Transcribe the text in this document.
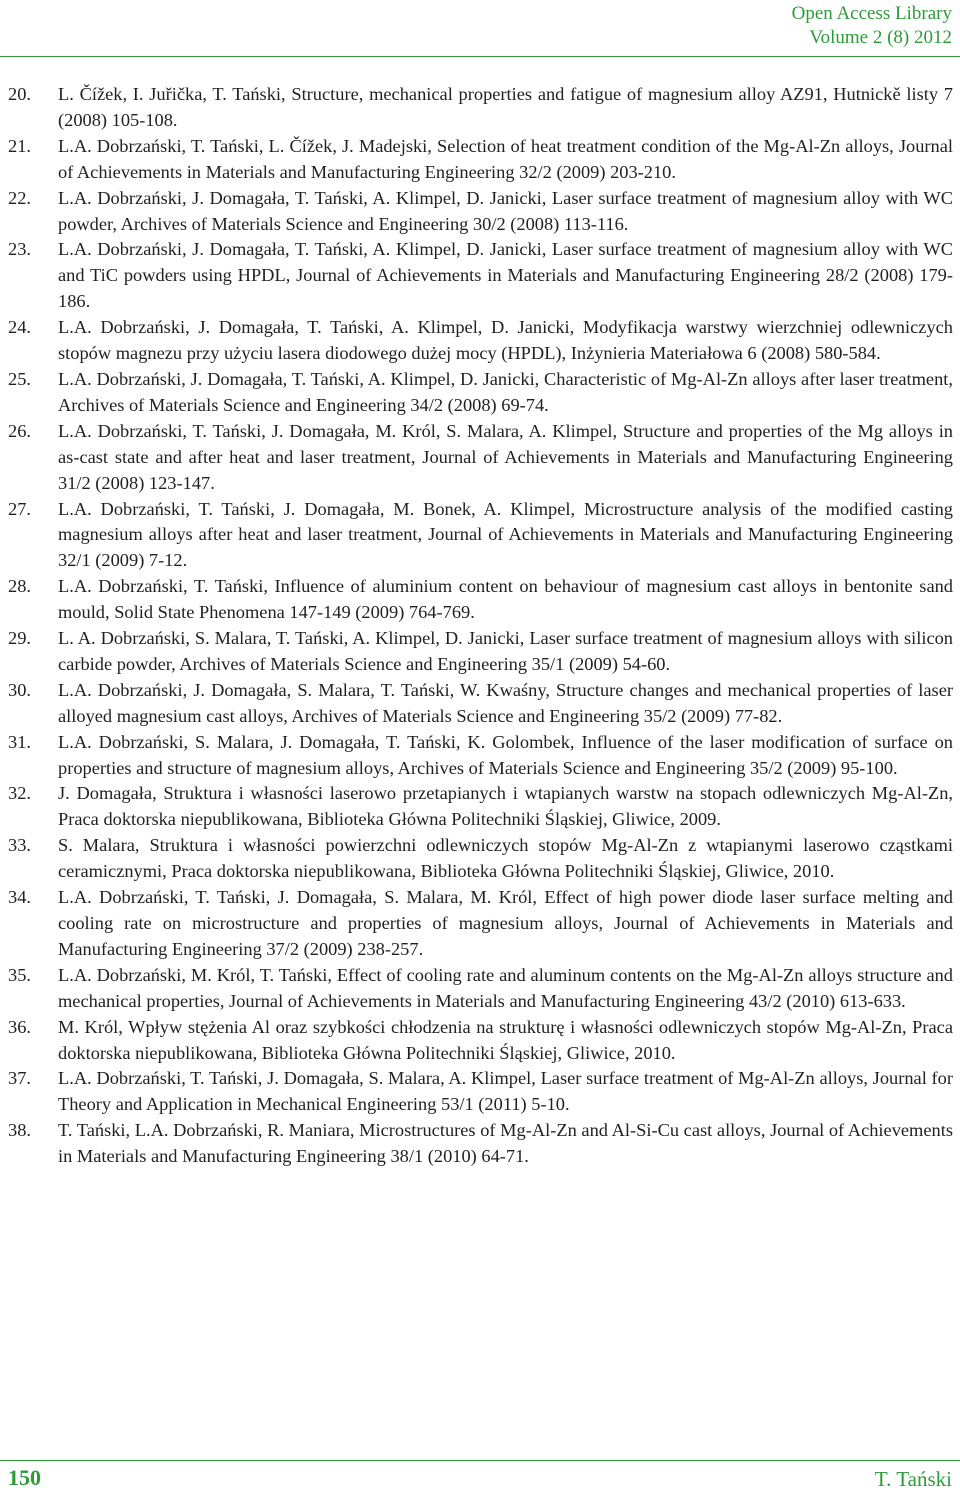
Open Access Library
Volume 2 (8) 2012
20.	L. Čížek, I. Juřička, T. Tański, Structure, mechanical properties and fatigue of magnesium alloy AZ91, Hutnickě listy 7 (2008) 105-108.
21.	L.A. Dobrzański, T. Tański, L. Čížek, J. Madejski, Selection of heat treatment condition of the Mg-Al-Zn alloys, Journal of Achievements in Materials and Manufacturing Engineering 32/2 (2009) 203-210.
22.	L.A. Dobrzański, J. Domagała, T. Tański, A. Klimpel, D. Janicki, Laser surface treatment of magnesium alloy with WC powder, Archives of Materials Science and Engineering 30/2 (2008) 113-116.
23.	L.A. Dobrzański, J. Domagała, T. Tański, A. Klimpel, D. Janicki, Laser surface treatment of magnesium alloy with WC and TiC powders using HPDL, Journal of Achievements in Materials and Manufacturing Engineering 28/2 (2008) 179-186.
24.	L.A. Dobrzański, J. Domagała, T. Tański, A. Klimpel, D. Janicki, Modyfikacja warstwy wierzchniej odlewniczych stopów magnezu przy użyciu lasera diodowego dużej mocy (HPDL), Inżynieria Materiałowa 6 (2008) 580-584.
25.	L.A. Dobrzański, J. Domagała, T. Tański, A. Klimpel, D. Janicki, Characteristic of Mg-Al-Zn alloys after laser treatment, Archives of Materials Science and Engineering 34/2 (2008) 69-74.
26.	L.A. Dobrzański, T. Tański, J. Domagała, M. Król, S. Malara, A. Klimpel, Structure and properties of the Mg alloys in as-cast state and after heat and laser treatment, Journal of Achievements in Materials and Manufacturing Engineering 31/2 (2008) 123-147.
27.	L.A. Dobrzański, T. Tański, J. Domagała, M. Bonek, A. Klimpel, Microstructure analysis of the modified casting magnesium alloys after heat and laser treatment, Journal of Achievements in Materials and Manufacturing Engineering 32/1 (2009) 7-12.
28.	L.A. Dobrzański, T. Tański, Influence of aluminium content on behaviour of magnesium cast alloys in bentonite sand mould, Solid State Phenomena 147-149 (2009) 764-769.
29.	L. A. Dobrzański, S. Malara, T. Tański, A. Klimpel, D. Janicki, Laser surface treatment of magnesium alloys with silicon carbide powder, Archives of Materials Science and Engineering 35/1 (2009) 54-60.
30.	L.A. Dobrzański, J. Domagała, S. Malara, T. Tański, W. Kwaśny, Structure changes and mechanical properties of laser alloyed magnesium cast alloys, Archives of Materials Science and Engineering 35/2 (2009) 77-82.
31.	L.A. Dobrzański, S. Malara, J. Domagała, T. Tański, K. Golombek, Influence of the laser modification of surface on properties and structure of magnesium alloys, Archives of Materials Science and Engineering 35/2 (2009) 95-100.
32.	J. Domagała, Struktura i własności laserowo przetapianych i wtapianych warstw na stopach odlewniczych Mg-Al-Zn, Praca doktorska niepublikowana, Biblioteka Główna Politechniki Śląskiej, Gliwice, 2009.
33.	S. Malara, Struktura i własności powierzchni odlewniczych stopów Mg-Al-Zn z wtapianymi laserowo cząstkami ceramicznymi, Praca doktorska niepublikowana, Biblioteka Główna Politechniki Śląskiej, Gliwice, 2010.
34.	L.A. Dobrzański, T. Tański, J. Domagała, S. Malara, M. Król, Effect of high power diode laser surface melting and cooling rate on microstructure and properties of magnesium alloys, Journal of Achievements in Materials and Manufacturing Engineering 37/2 (2009) 238-257.
35.	L.A. Dobrzański, M. Król, T. Tański, Effect of cooling rate and aluminum contents on the Mg-Al-Zn alloys structure and mechanical properties, Journal of Achievements in Materials and Manufacturing Engineering 43/2 (2010) 613-633.
36.	M. Król, Wpływ stężenia Al oraz szybkości chłodzenia na strukturę i własności odlewniczych stopów Mg-Al-Zn, Praca doktorska niepublikowana, Biblioteka Główna Politechniki Śląskiej, Gliwice, 2010.
37.	L.A. Dobrzański, T. Tański, J. Domagała, S. Malara, A. Klimpel, Laser surface treatment of Mg-Al-Zn alloys, Journal for Theory and Application in Mechanical Engineering 53/1 (2011) 5-10.
38.	T. Tański, L.A. Dobrzański, R. Maniara, Microstructures of Mg-Al-Zn and Al-Si-Cu cast alloys, Journal of Achievements in Materials and Manufacturing Engineering 38/1 (2010) 64-71.
150	T. Tański
